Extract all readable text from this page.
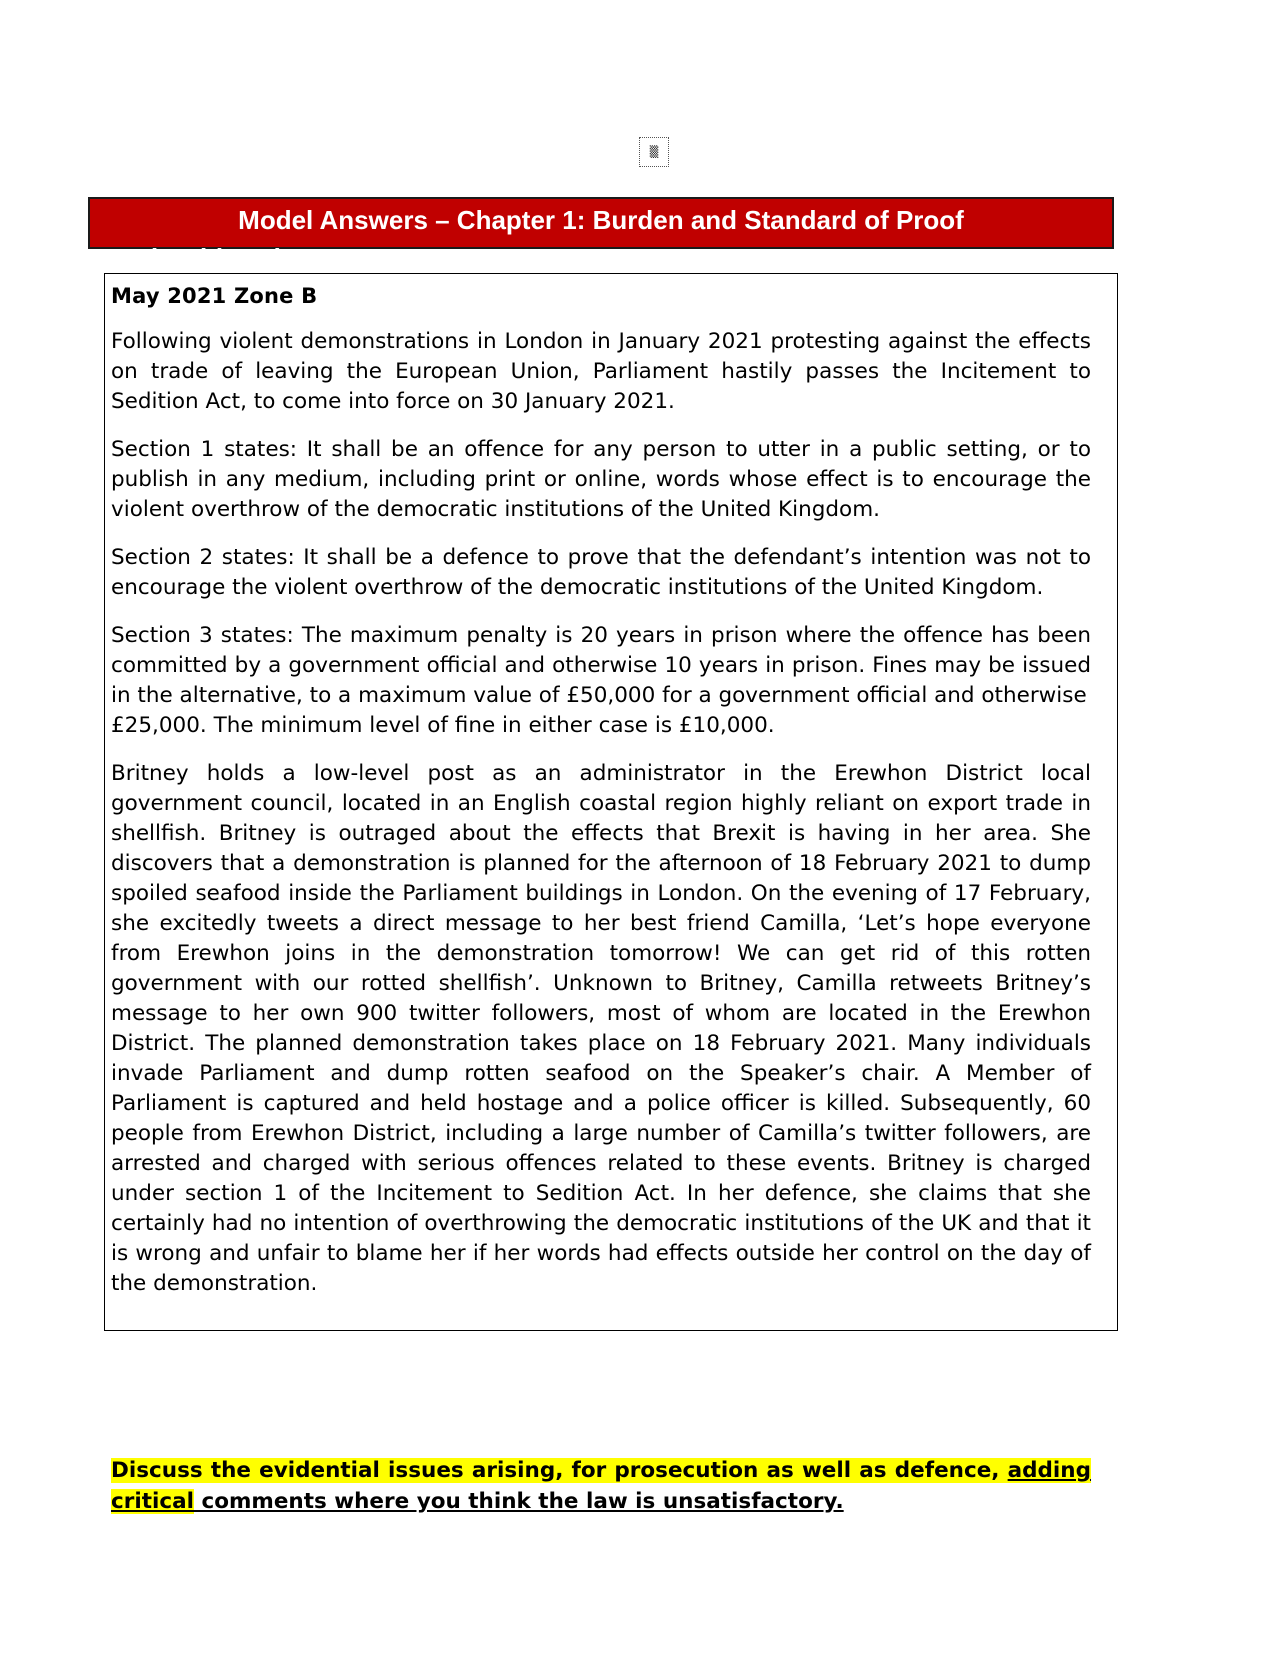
▒
Model Answers – Chapter 1: Burden and Standard of Proof
(Problems)
May 2021 Zone B

Following violent demonstrations in London in January 2021 protesting against the effects on trade of leaving the European Union, Parliament hastily passes the Incitement to Sedition Act, to come into force on 30 January 2021.

Section 1 states: It shall be an offence for any person to utter in a public setting, or to publish in any medium, including print or online, words whose effect is to encourage the violent overthrow of the democratic institutions of the United Kingdom.

Section 2 states: It shall be a defence to prove that the defendant’s intention was not to encourage the violent overthrow of the democratic institutions of the United Kingdom.

Section 3 states: The maximum penalty is 20 years in prison where the offence has been committed by a government official and otherwise 10 years in prison. Fines may be issued in the alternative, to a maximum value of £50,000 for a government official and otherwise
£25,000. The minimum level of fine in either case is £10,000.

Britney holds a low-level post as an administrator in the Erewhon District local government council, located in an English coastal region highly reliant on export trade in shellfish. Britney is outraged about the effects that Brexit is having in her area. She discovers that a demonstration is planned for the afternoon of 18 February 2021 to dump spoiled seafood inside the Parliament buildings in London. On the evening of 17 February, she excitedly tweets a direct message to her best friend Camilla, ‘Let’s hope everyone from Erewhon joins in the demonstration tomorrow! We can get rid of this rotten government with our rotted shellfish’. Unknown to Britney, Camilla retweets Britney’s message to her own 900 twitter followers, most of whom are located in the Erewhon District. The planned demonstration takes place on 18 February 2021. Many individuals invade Parliament and dump rotten seafood on the Speaker’s chair. A Member of Parliament is captured and held hostage and a police officer is killed. Subsequently, 60 people from Erewhon District, including a large number of Camilla’s twitter followers, are arrested and charged with serious offences related to these events. Britney is charged under section 1 of the Incitement to Sedition Act. In her defence, she claims that she certainly had no intention of overthrowing the democratic institutions of the UK and that it is wrong and unfair to blame her if her words had effects outside her control on the day of the demonstration.

Discuss the evidential issues arising, for prosecution as well as defence, adding critical comments where you think the law is unsatisfactory.
